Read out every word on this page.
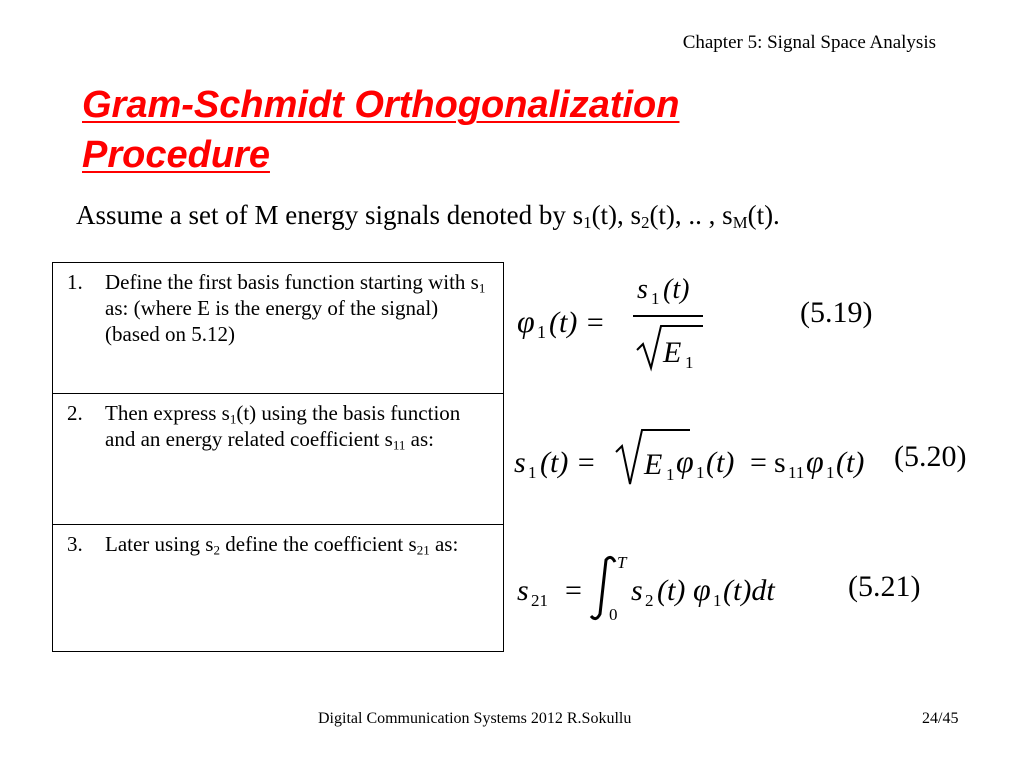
Chapter 5: Signal Space Analysis
Gram-Schmidt Orthogonalization
Procedure
Assume a set of M energy signals denoted by $s_1(t)$, $s_2(t)$, .. , $s_M(t)$.
1. Define the first basis function starting with $s_1$ as: (where E is the energy of the signal) (based on 5.12)
2. Then express $s_1(t)$ using the basis function and an energy related coefficient $s_{11}$ as:
3. Later using $s_2$ define the coefficient $s_{21}$ as:
φ 1 (t) =
s 1 (t)
E 1
(5.19)
s 1 (t) = E 1 φ 1 (t) = s 11 φ 1 (t) (5.20)
s 21 =
T
0
s 2 (t) φ 1 (t)dt (5.21)
Digital Communication Systems 2012 R.Sokullu	24/45
